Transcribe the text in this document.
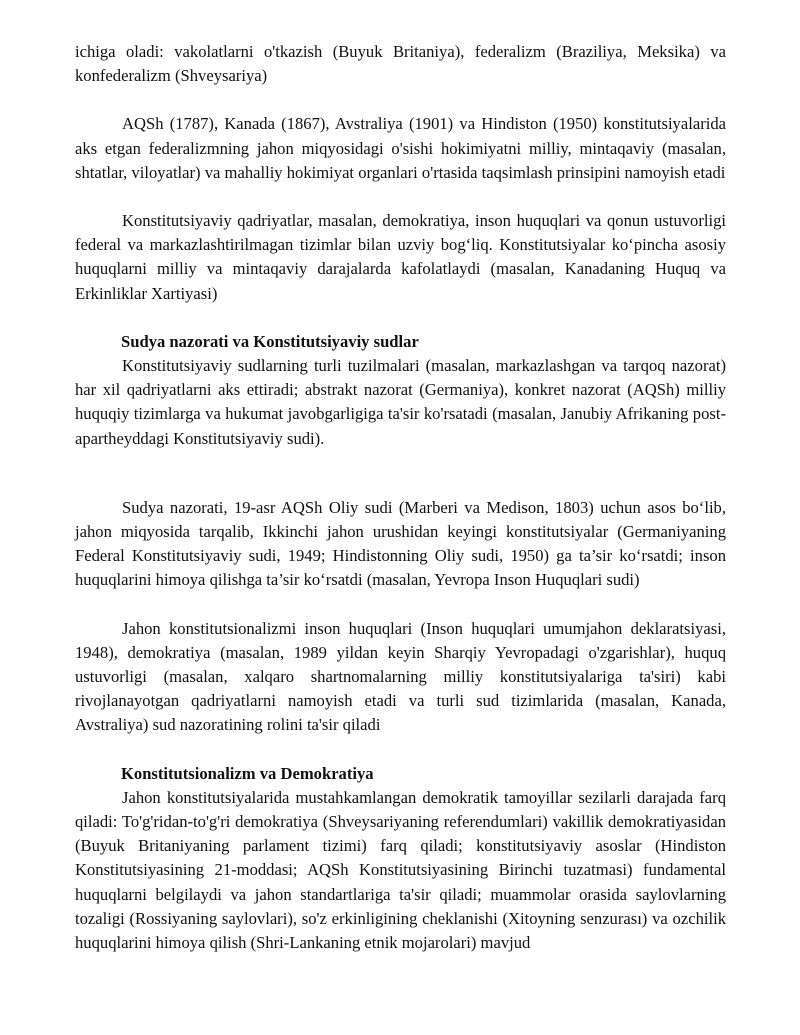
ichiga oladi: vakolatlarni o'tkazish (Buyuk Britaniya), federalizm (Braziliya, Meksika) va konfederalizm (Shveysariya)

AQSh (1787), Kanada (1867), Avstraliya (1901) va Hindiston (1950) konstitutsiyalarida aks etgan federalizmning jahon miqyosidagi o'sishi hokimiyatni milliy, mintaqaviy (masalan, shtatlar, viloyatlar) va mahalliy hokimiyat organlari o'rtasida taqsimlash prinsipini namoyish etadi

Konstitutsiyaviy qadriyatlar, masalan, demokratiya, inson huquqlari va qonun ustuvorligi federal va markazlashtirilmagan tizimlar bilan uzviy bog‘liq. Konstitutsiyalar ko‘pincha asosiy huquqlarni milliy va mintaqaviy darajalarda kafolatlaydi (masalan, Kanadaning Huquq va Erkinliklar Xartiyasi)

Sudya nazorati va Konstitutsiyaviy sudlar

Konstitutsiyaviy sudlarning turli tuzilmalari (masalan, markazlashgan va tarqoq nazorat) har xil qadriyatlarni aks ettiradi; abstrakt nazorat (Germaniya), konkret nazorat (AQSh) milliy huquqiy tizimlarga va hukumat javobgarligiga ta'sir ko'rsatadi (masalan, Janubiy Afrikaning post-apartheyddagi Konstitutsiyaviy sudi).

Sudya nazorati, 19-asr AQSh Oliy sudi (Marberi va Medison, 1803) uchun asos bo‘lib, jahon miqyosida tarqalib, Ikkinchi jahon urushidan keyingi konstitutsiyalar (Germaniyaning Federal Konstitutsiyaviy sudi, 1949; Hindistonning Oliy sudi, 1950) ga ta’sir ko‘rsatdi; inson huquqlarini himoya qilishga ta’sir ko‘rsatdi (masalan, Yevropa Inson Huquqlari sudi)

Jahon konstitutsionalizmi inson huquqlari (Inson huquqlari umumjahon deklaratsiyasi, 1948), demokratiya (masalan, 1989 yildan keyin Sharqiy Yevropadagi o'zgarishlar), huquq ustuvorligi (masalan, xalqaro shartnomalarning milliy konstitutsiyalariga ta'siri) kabi rivojlanayotgan qadriyatlarni namoyish etadi va turli sud tizimlarida (masalan, Kanada, Avstraliya) sud nazoratining rolini ta'sir qiladi

Konstitutsionalizm va Demokratiya

Jahon konstitutsiyalarida mustahkamlangan demokratik tamoyillar sezilarli darajada farq qiladi: To'g'ridan-to'g'ri demokratiya (Shveysariyaning referendumlari) vakillik demokratiyasidan (Buyuk Britaniyaning parlament tizimi) farq qiladi; konstitutsiyaviy asoslar (Hindiston Konstitutsiyasining 21-moddasi; AQSh Konstitutsiyasining Birinchi tuzatmasi) fundamental huquqlarni belgilaydi va jahon standartlariga ta'sir qiladi; muammolar orasida saylovlarning tozaligi (Rossiyaning saylovlari), so'z erkinligining cheklanishi (Xitoyning senzurası) va ozchilik huquqlarini himoya qilish (Shri-Lankaning etnik mojarolari) mavjud
